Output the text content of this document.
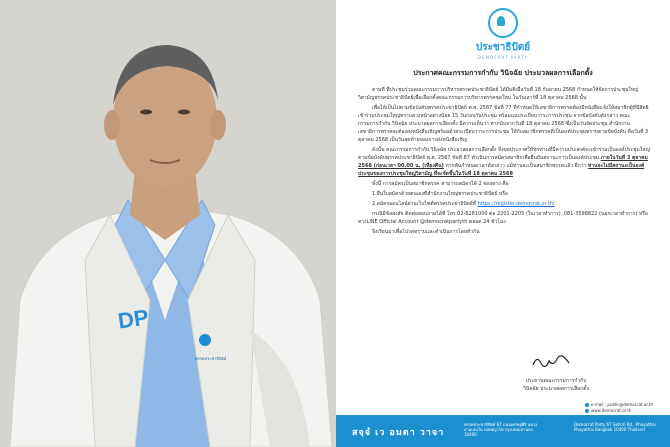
DP
พรรคประชาธิปัตย์
ประชาธิปัตย์
DEMOCRAT PARTY
ประกาศคณะกรรมการกำกับ วินิจฉัย ประมวลผลการเลือกตั้ง

ตามที่ ที่ประชุมร่วมคณะกรรมการบริหารพรรคประชาธิปัตย์ ได้มีมติเมื่อวันที่ 18 กันยายน 2568 กำหนดให้จัดการประชุมใหญ่วิสามัญพรรคประชาธิปัตย์เพื่อเลือกตั้งคณะกรรมการบริหารพรรคชุดใหม่ ในวันเสาร์ที่ 18 ตุลาคม 2568 นั้น

เพื่อให้เป็นไปตามข้อบังคับพรรคประชาธิปัตย์ พ.ศ. 2567 ข้อที่ 77 ที่กำหนดให้เลขาธิการพรรคต้องมีหนังสือแจ้งให้สมาชิกผู้ที่มีสิทธิเข้าร่วมประชุมใหญ่ทราบล่วงหน้าอย่างน้อย 15 วันก่อนวันประชุม พร้อมแนบระเบียบวาระการประชุม จากข้อบังคับดังกล่าว คณะกรรมการกำกับ วินิจฉัย ประมวลผลการเลือกตั้ง มีความเห็นว่า หากนับจากวันที่ 18 ตุลาคม 2568 ซึ่งเป็นวันจัดประชุม สำนักงานเลขาธิการพรรคจะต้องส่งหนังสือเชิญพร้อมด้วยระเบียบวาระการประชุม ให้กับสมาชิกพรรคที่เป็นองค์ประชุมทราบตามข้อบังคับ คือวันที่ 3 ตุลาคม 2568 เป็นวันสุดท้ายของการส่งหนังสือเชิญ

ดังนั้น คณะกรรมการกำกับ วินิจฉัย ประมวลผลการเลือกตั้ง จึงขอประกาศให้ทุกท่านที่มีความประสงค์จะเข้าร่วมเป็นองค์ประชุมใหญ่ตามข้อบังคับพรรคประชาธิปัตย์ พ.ศ. 2567 ข้อที่ 87 ดำเนินการสมัครสมาชิกเพื่อยืนยันสถานะการเป็นองค์ประชุม ภายในวันที่ 3 ตุลาคม 2568 (ก่อนเวลา 00.00 น. (เที่ยงคืน) หากพ้นกำหนดเวลาดังกล่าว แม้ท่านจะเป็นสมาชิกพรรคแล้ว อีกว่า ท่านจะไม่มีสถานะเป็นองค์ประชุมของการประชุมใหญ่วิสามัญ ที่จะจัดขึ้นในวันที่ 18 ตุลาคม 2568

ทั้งนี้ การสมัครเป็นสมาชิกพรรค สามารถสมัครได้ 2 ช่องทาง คือ

1.ยื่นใบสมัครด้วยตนเองที่สำนักงานใหญ่พรรคประชาธิปัตย์ หรือ

2.สมัครออนไลน์ผ่านเว็บไซต์พรรคประชาธิปัตย์ที่ https://register.democrat.or.th/

กรณีมีข้อสงสัย ติดต่อสอบถามได้ที่ โทร.02-8281000 ต่อ 2201-2205 (ในเวลาทำการ) ,081-3598822 (นอกเวลาทำการ) หรือ ทางLINE Official Account @democratpartyth ตลอด 24 ชั่วโมง

จึงเรียนมาเพื่อโปรดทราบและดำเนินการโดยทั่วกัน

ประธานคณะกรรมการกำกับ
วินิจฉัย ประมวลผลการเลือกตั้ง
e-mail : public@democrat.or.th
www.democrat.or.th
สจฺจํ เว อมตา วาจา
พรรคประชาธิปัตย์ 67 ถนนเศรษฐศิริ แขวงสามเสนใน เขตพญาไท กรุงเทพมหานคร 10400
Democrat Party 67 Setsiri Rd., Phayathai Phayathai Bangkok 10400 Thailand
